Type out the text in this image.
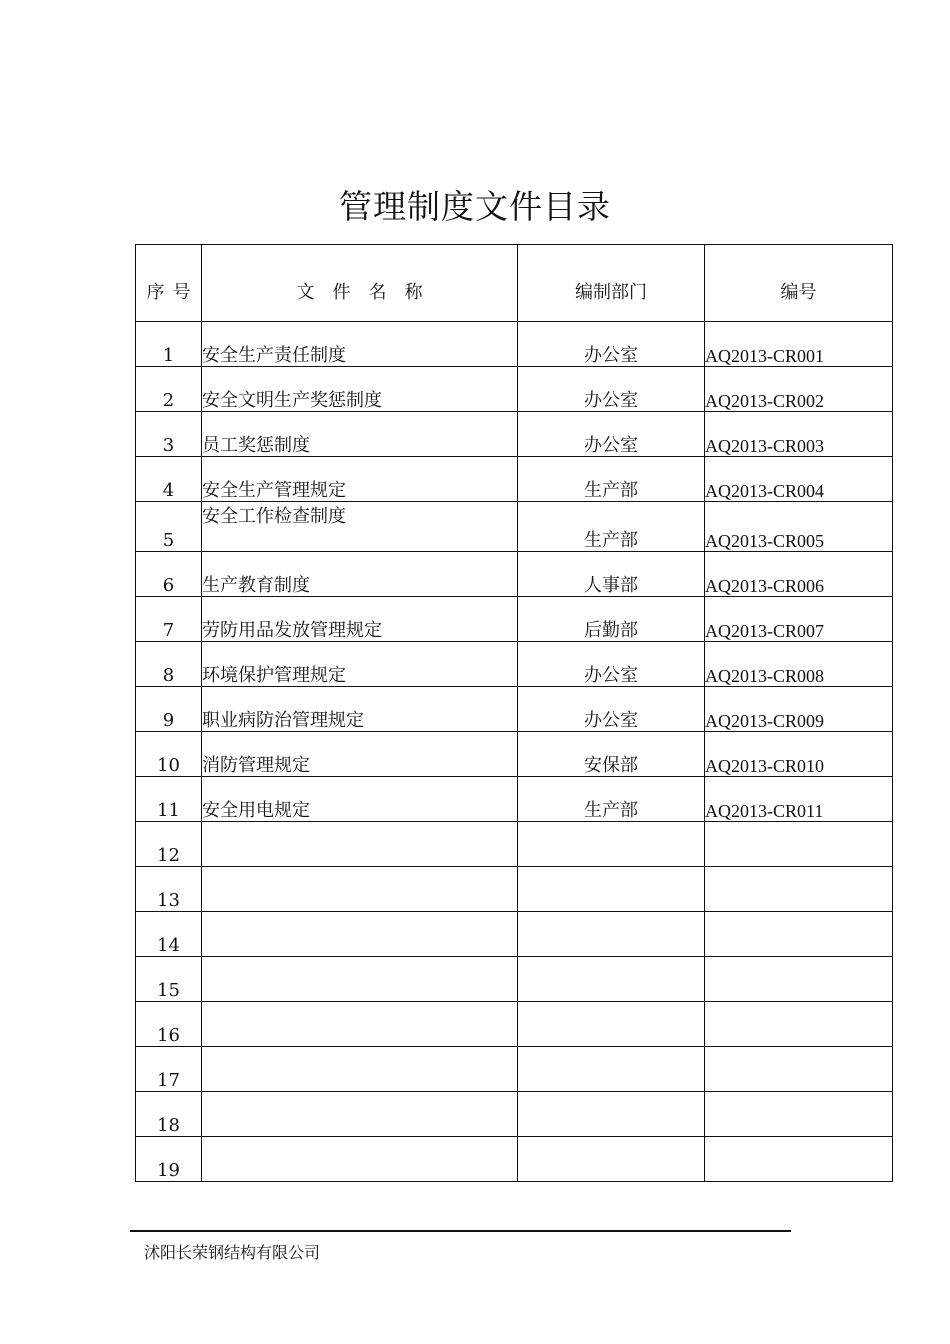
管理制度文件目录
序号	文件名称	编制部门	编号
1	安全生产责任制度	办公室	AQ2013-CR001
2	安全文明生产奖惩制度	办公室	AQ2013-CR002
3	员工奖惩制度	办公室	AQ2013-CR003
4	安全生产管理规定	生产部	AQ2013-CR004
5	安全工作检查制度	生产部	AQ2013-CR005
6	生产教育制度	人事部	AQ2013-CR006
7	劳防用品发放管理规定	后勤部	AQ2013-CR007
8	环境保护管理规定	办公室	AQ2013-CR008
9	职业病防治管理规定	办公室	AQ2013-CR009
10	消防管理规定	安保部	AQ2013-CR010
11	安全用电规定	生产部	AQ2013-CR011
12			
13			
14			
15			
16			
17			
18			
19			
沭阳长荣钢结构有限公司
